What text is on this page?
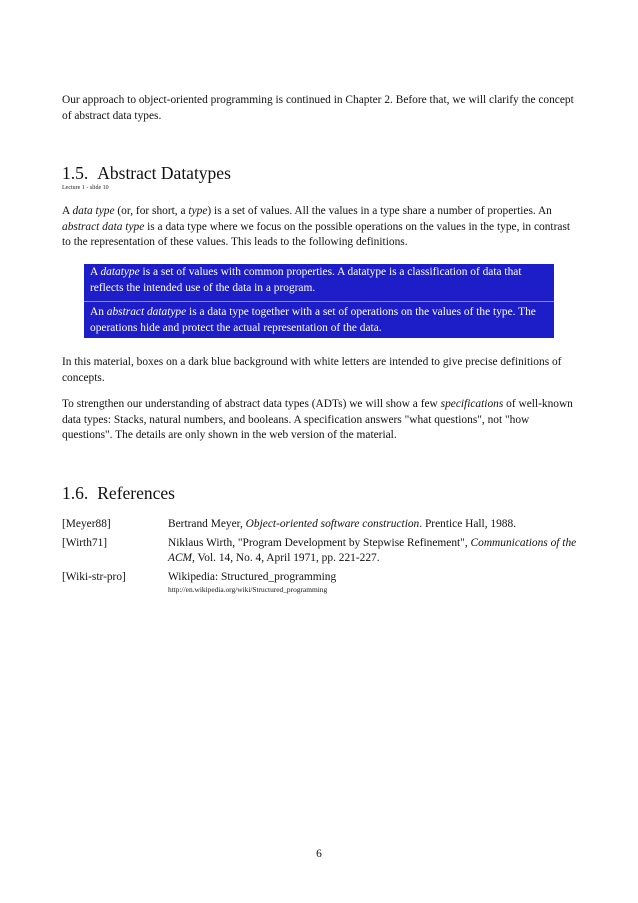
Our approach to object-oriented programming is continued in Chapter 2. Before that, we will clarify the concept of abstract data types.

1.5. Abstract Datatypes
Lecture 1 - slide 10

A data type (or, for short, a type) is a set of values. All the values in a type share a number of properties. An abstract data type is a data type where we focus on the possible operations on the values in the type, in contrast to the representation of these values. This leads to the following definitions.

A datatype is a set of values with common properties. A datatype is a classification of data that reflects the intended use of the data in a program.
An abstract datatype is a data type together with a set of operations on the values of the type. The operations hide and protect the actual representation of the data.

In this material, boxes on a dark blue background with white letters are intended to give precise definitions of concepts.

To strengthen our understanding of abstract data types (ADTs) we will show a few specifications of well-known data types: Stacks, natural numbers, and booleans. A specification answers "what questions", not "how questions". The details are only shown in the web version of the material.

1.6. References
[Meyer88]	Bertrand Meyer, Object-oriented software construction. Prentice Hall, 1988.
[Wirth71]	Niklaus Wirth, "Program Development by Stepwise Refinement", Communications of the ACM, Vol. 14, No. 4, April 1971, pp. 221-227.
[Wiki-str-pro]	Wikipedia: Structured_programming
http://en.wikipedia.org/wiki/Structured_programming
6
